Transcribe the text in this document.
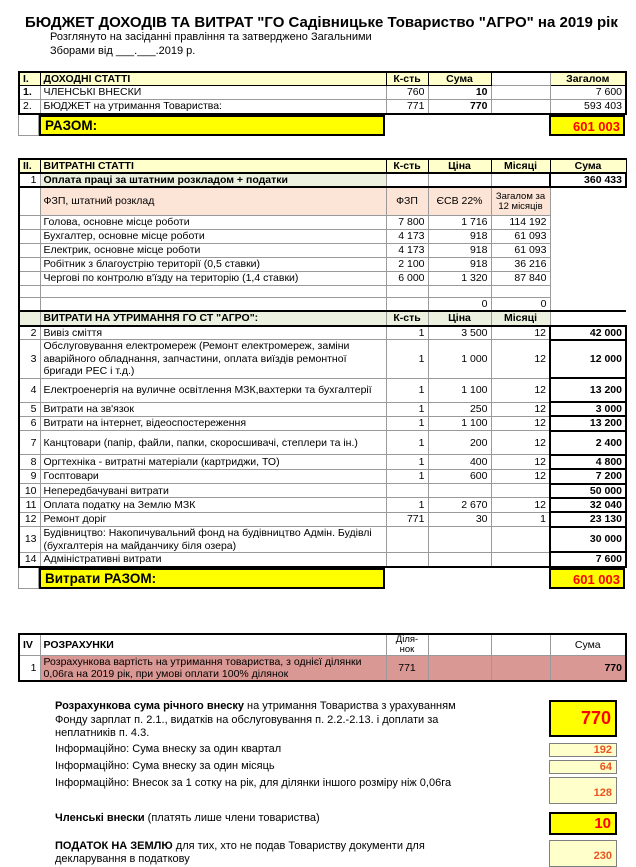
БЮДЖЕТ ДОХОДІВ ТА ВИТРАТ "ГО Садівницьке Товариство "АГРО" на 2019 рік
Розглянуто на засіданні правління та затверджено Загальними
Зборами від ___.___.2019 р.
I.	ДОХОДНІ СТАТТІ	К-сть	Сума		Загалом
1.	ЧЛЕНСЬКІ ВНЕСКИ	760	10		7 600
2.	БЮДЖЕТ на утримання Товариства:	771	770		593 403
РАЗОМ:	601 003
II.	ВИТРАТНІ СТАТТІ	К-сть	Ціна	Місяці	Сума
1	Оплата праці за штатним розкладом + податки				360 433
	ФЗП, штатний розклад	ФЗП	ЄСВ 22%	Загалом за 12 місяців	
	Голова, основне місце роботи	7 800	1 716	114 192	
	Бухгалтер, основне місце роботи	4 173	918	61 093	
	Електрик, основне місце роботи	4 173	918	61 093	
	Робітник з благоустрію території (0,5 ставки)	2 100	918	36 216	
	Чергові по контролю в'їзду на територію (1,4 ставки)	6 000	1 320	87 840	

			0	0	
	ВИТРАТИ НА УТРИМАННЯ ГО СТ "АГРО":	К-сть	Ціна	Місяці	
2	Вивіз сміття	1	3 500	12	42 000
3	Обслуговування електромереж (Ремонт електромереж, заміни аварійного обладнання, запчастини, оплата виїздів ремонтної бригади РЕС і т.д.)	1	1 000	12	12 000
4	Електроенергія на вуличне освітлення МЗК,вахтерки та бухгалтерії	1	1 100	12	13 200
5	Витрати на зв'язок	1	250	12	3 000
6	Витрати на інтернет, відеоспостереження	1	1 100	12	13 200
7	Канцтовари (папір, файли, папки, скоросшивачі, степлери та ін.)	1	200	12	2 400
8	Оргтехніка - витратні матеріали (картриджи, ТО)	1	400	12	4 800
9	Госптовари	1	600	12	7 200
10	Непередбачувані витрати				50 000
11	Оплата податку на Землю МЗК	1	2 670	12	32 040
12	Ремонт доріг	771	30	1	23 130
13	Будівництво: Накопичувальний фонд на будівництво Адмін. Будівлі (бухгалтерія на майданчику біля озера)				30 000
14	Адміністративні витрати				7 600
Витрати РАЗОМ:	601 003
IV	РОЗРАХУНКИ	Діля-нок			Сума
1	Розрахункова вартість на утримання товариства, з однієї ділянки 0,06га на 2019 рік, при умові оплати 100% ділянок	771			770
Розрахункова сума річного внеску на утримання Товариства з урахуванням Фонду зарплат п. 2.1., видатків на обслуговування п. 2.2.-2.13. і доплати за неплатників п. 4.3.
770
Інформаційно: Сума внеску за один квартал	192
Інформаційно: Сума внеску за один місяць	64
Інформаційно: Внесок за 1 сотку на рік, для ділянки іншого розміру ніж 0,06га
128
Членські внески (платять лише члени товариства)	10
ПОДАТОК НА ЗЕМЛЮ для тих, хто не подав Товариству документи для декларування в податкову	230
